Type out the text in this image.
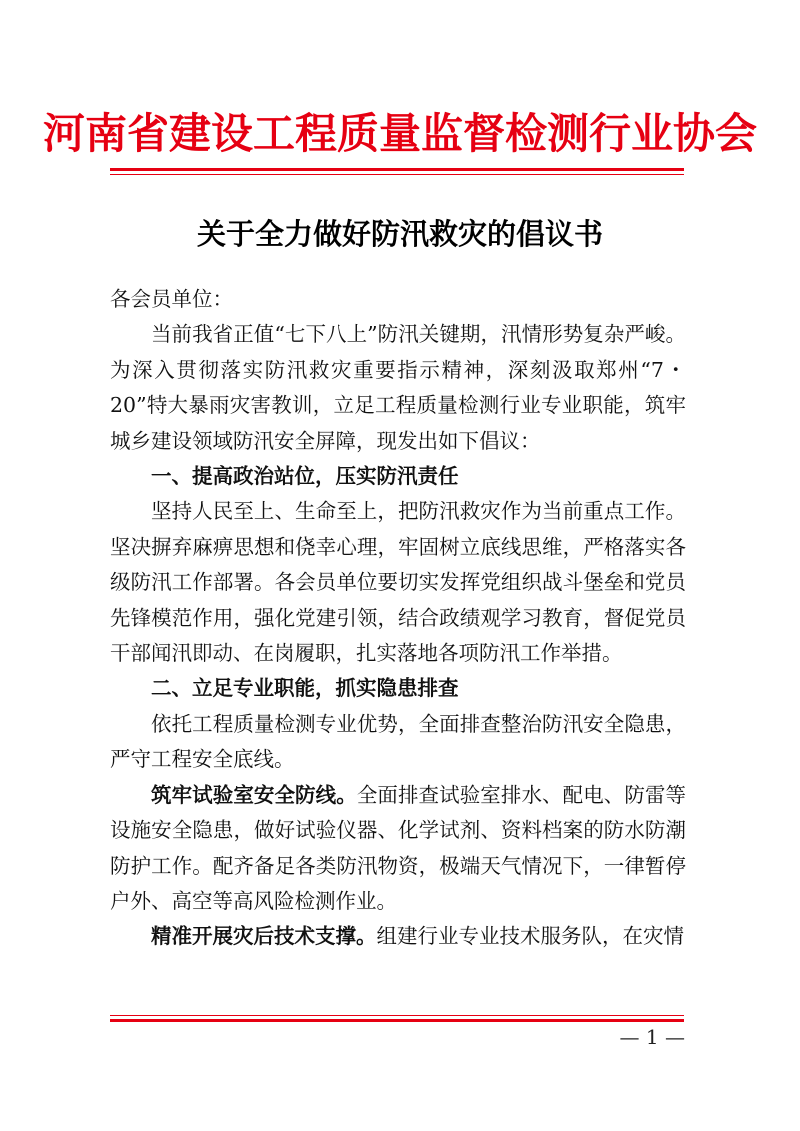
河南省建设工程质量监督检测行业协会
关于全力做好防汛救灾的倡议书

各会员单位：

当前我省正值“七下八上”防汛关键期，汛情形势复杂严峻。为深入贯彻落实防汛救灾重要指示精神，深刻汲取郑州“7・20”特大暴雨灾害教训，立足工程质量检测行业专业职能，筑牢城乡建设领域防汛安全屏障，现发出如下倡议：

一、提高政治站位，压实防汛责任

坚持人民至上、生命至上，把防汛救灾作为当前重点工作。坚决摒弃麻痹思想和侥幸心理，牢固树立底线思维，严格落实各级防汛工作部署。各会员单位要切实发挥党组织战斗堡垒和党员先锋模范作用，强化党建引领，结合政绩观学习教育，督促党员干部闻汛即动、在岗履职，扎实落地各项防汛工作举措。

二、立足专业职能，抓实隐患排查

依托工程质量检测专业优势，全面排查整治防汛安全隐患，严守工程安全底线。

筑牢试验室安全防线。全面排查试验室排水、配电、防雷等设施安全隐患，做好试验仪器、化学试剂、资料档案的防水防潮防护工作。配齐备足各类防汛物资，极端天气情况下，一律暂停户外、高空等高风险检测作业。

精准开展灾后技术支撑。组建行业专业技术服务队，在灾情

— 1 —
